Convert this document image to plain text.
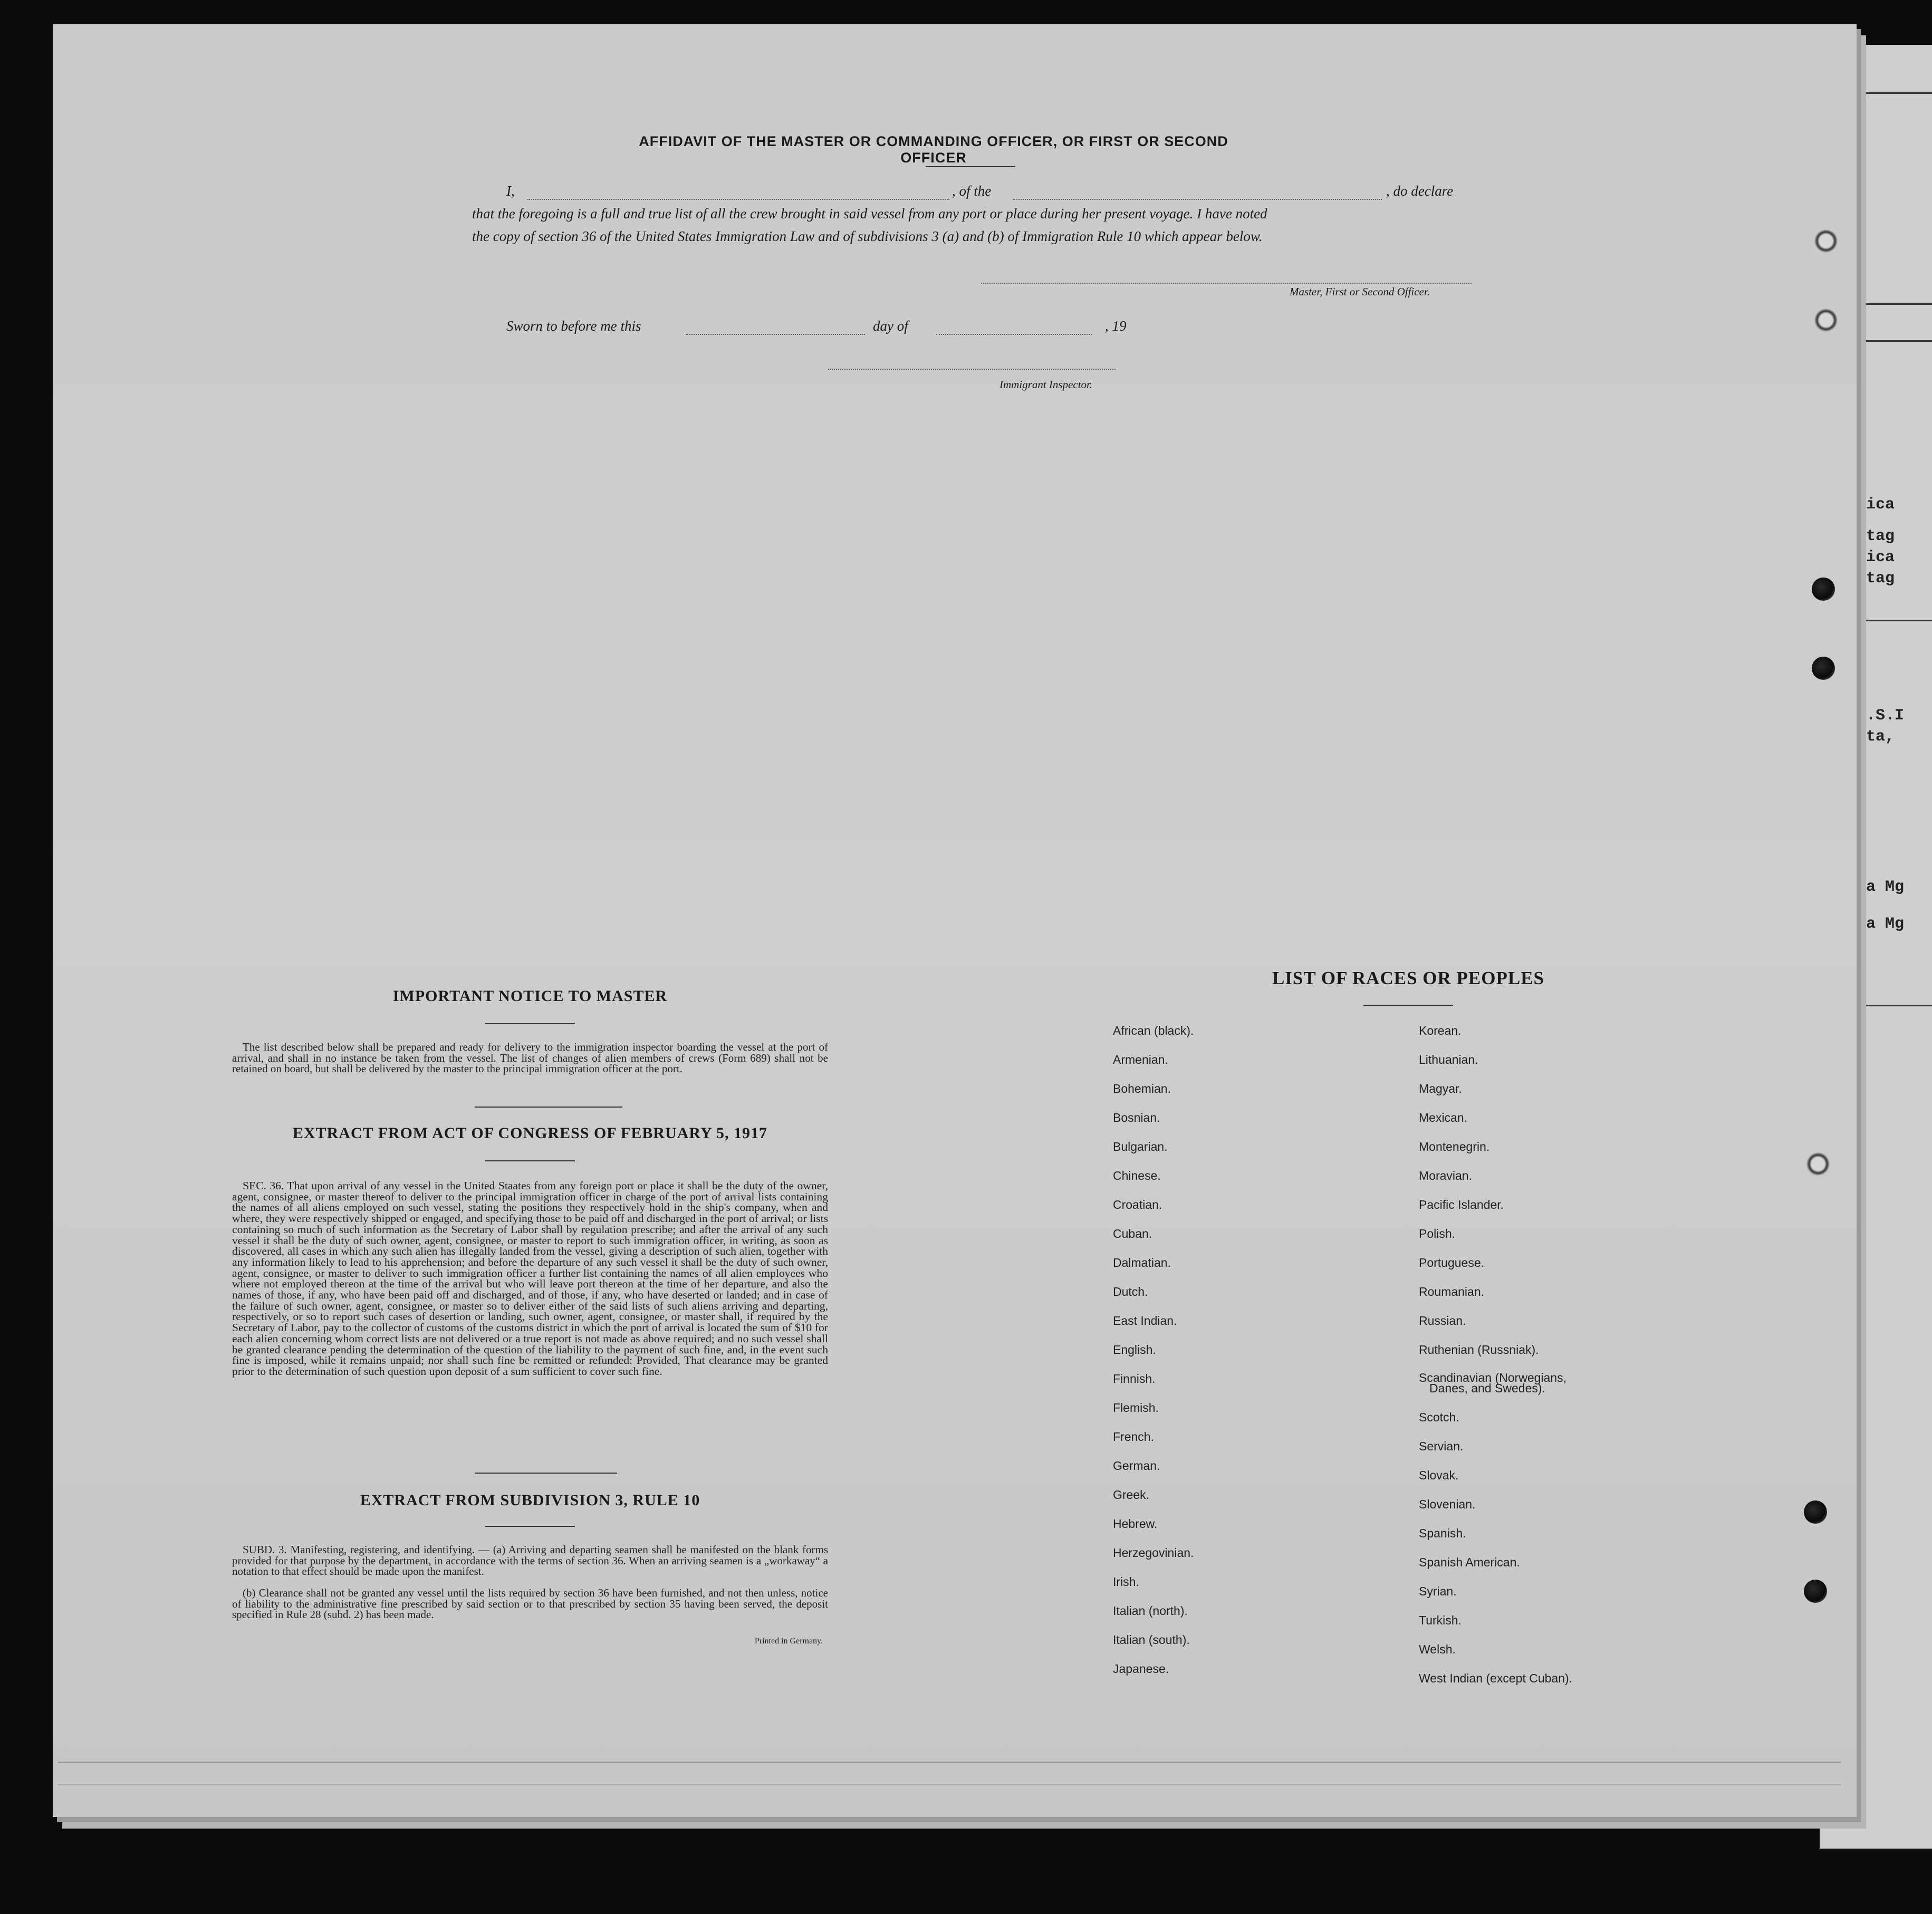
fica
rtag
fica
rtag
V.S.I
ota,
ta Mg
ta Mg
AFFIDAVIT OF THE MASTER OR COMMANDING OFFICER, OR FIRST OR SECOND OFFICER
I,	, of the	, do declare
that the foregoing is a full and true list of all the crew brought in said vessel from any port or place during her present voyage. I have noted
the copy of section 36 of the United States Immigration Law and of subdivisions 3 (a) and (b) of Immigration Rule 10 which appear below.
Master, First or Second Officer.
Sworn to before me this	day of	, 19
Immigrant Inspector.
IMPORTANT NOTICE TO MASTER
The list described below shall be prepared and ready for delivery to the immigration inspector boarding the vessel at the port of arrival, and shall in no instance be taken from the vessel. The list of changes of alien members of crews (Form 689) shall not be retained on board, but shall be delivered by the master to the principal immigration officer at the port.
EXTRACT FROM ACT OF CONGRESS OF FEBRUARY 5, 1917
SEC. 36. That upon arrival of any vessel in the United Staates from any foreign port or place it shall be the duty of the owner, agent, consignee, or master thereof to deliver to the principal immigration officer in charge of the port of arrival lists containing the names of all aliens employed on such vessel, stating the positions they respectively hold in the ship's company, when and where, they were respectively shipped or engaged, and specifying those to be paid off and discharged in the port of arrival; or lists containing so much of such information as the Secretary of Labor shall by regulation prescribe; and after the arrival of any such vessel it shall be the duty of such owner, agent, consignee, or master to report to such immigration officer, in writing, as soon as discovered, all cases in which any such alien has illegally landed from the vessel, giving a description of such alien, together with any information likely to lead to his apprehension; and before the departure of any such vessel it shall be the duty of such owner, agent, consignee, or master to deliver to such immigration officer a further list containing the names of all alien employees who where not employed thereon at the time of the arrival but who will leave port thereon at the time of her departure, and also the names of those, if any, who have been paid off and discharged, and of those, if any, who have deserted or landed; and in case of the failure of such owner, agent, consignee, or master so to deliver either of the said lists of such aliens arriving and departing, respectively, or so to report such cases of desertion or landing, such owner, agent, consignee, or master shall, if required by the Secretary of Labor, pay to the collector of customs of the customs district in which the port of arrival is located the sum of $10 for each alien concerning whom correct lists are not delivered or a true report is not made as above required; and no such vessel shall be granted clearance pending the determination of the question of the liability to the payment of such fine, and, in the event such fine is imposed, while it remains unpaid; nor shall such fine be remitted or refunded: Provided, That clearance may be granted prior to the determination of such question upon deposit of a sum sufficient to cover such fine.
EXTRACT FROM SUBDIVISION 3, RULE 10
SUBD. 3. Manifesting, registering, and identifying. — (a) Arriving and departing seamen shall be manifested on the blank forms provided for that purpose by the department, in accordance with the terms of section 36. When an arriving seamen is a „workaway“ a notation to that effect should be made upon the manifest.
(b) Clearance shall not be granted any vessel until the lists required by section 36 have been furnished, and not then unless, notice of liability to the administrative fine prescribed by said section or to that prescribed by section 35 having been served, the deposit specified in Rule 28 (subd. 2) has been made.
Printed in Germany.
LIST OF RACES OR PEOPLES
African (black).
Armenian.
Bohemian.
Bosnian.
Bulgarian.
Chinese.
Croatian.
Cuban.
Dalmatian.
Dutch.
East Indian.
English.
Finnish.
Flemish.
French.
German.
Greek.
Hebrew.
Herzegovinian.
Irish.
Italian (north).
Italian (south).
Japanese.
Korean.
Lithuanian.
Magyar.
Mexican.
Montenegrin.
Moravian.
Pacific Islander.
Polish.
Portuguese.
Roumanian.
Russian.
Ruthenian (Russniak).
Scandinavian (Norwegians,
Danes, and Swedes).
Scotch.
Servian.
Slovak.
Slovenian.
Spanish.
Spanish American.
Syrian.
Turkish.
Welsh.
West Indian (except Cuban).
